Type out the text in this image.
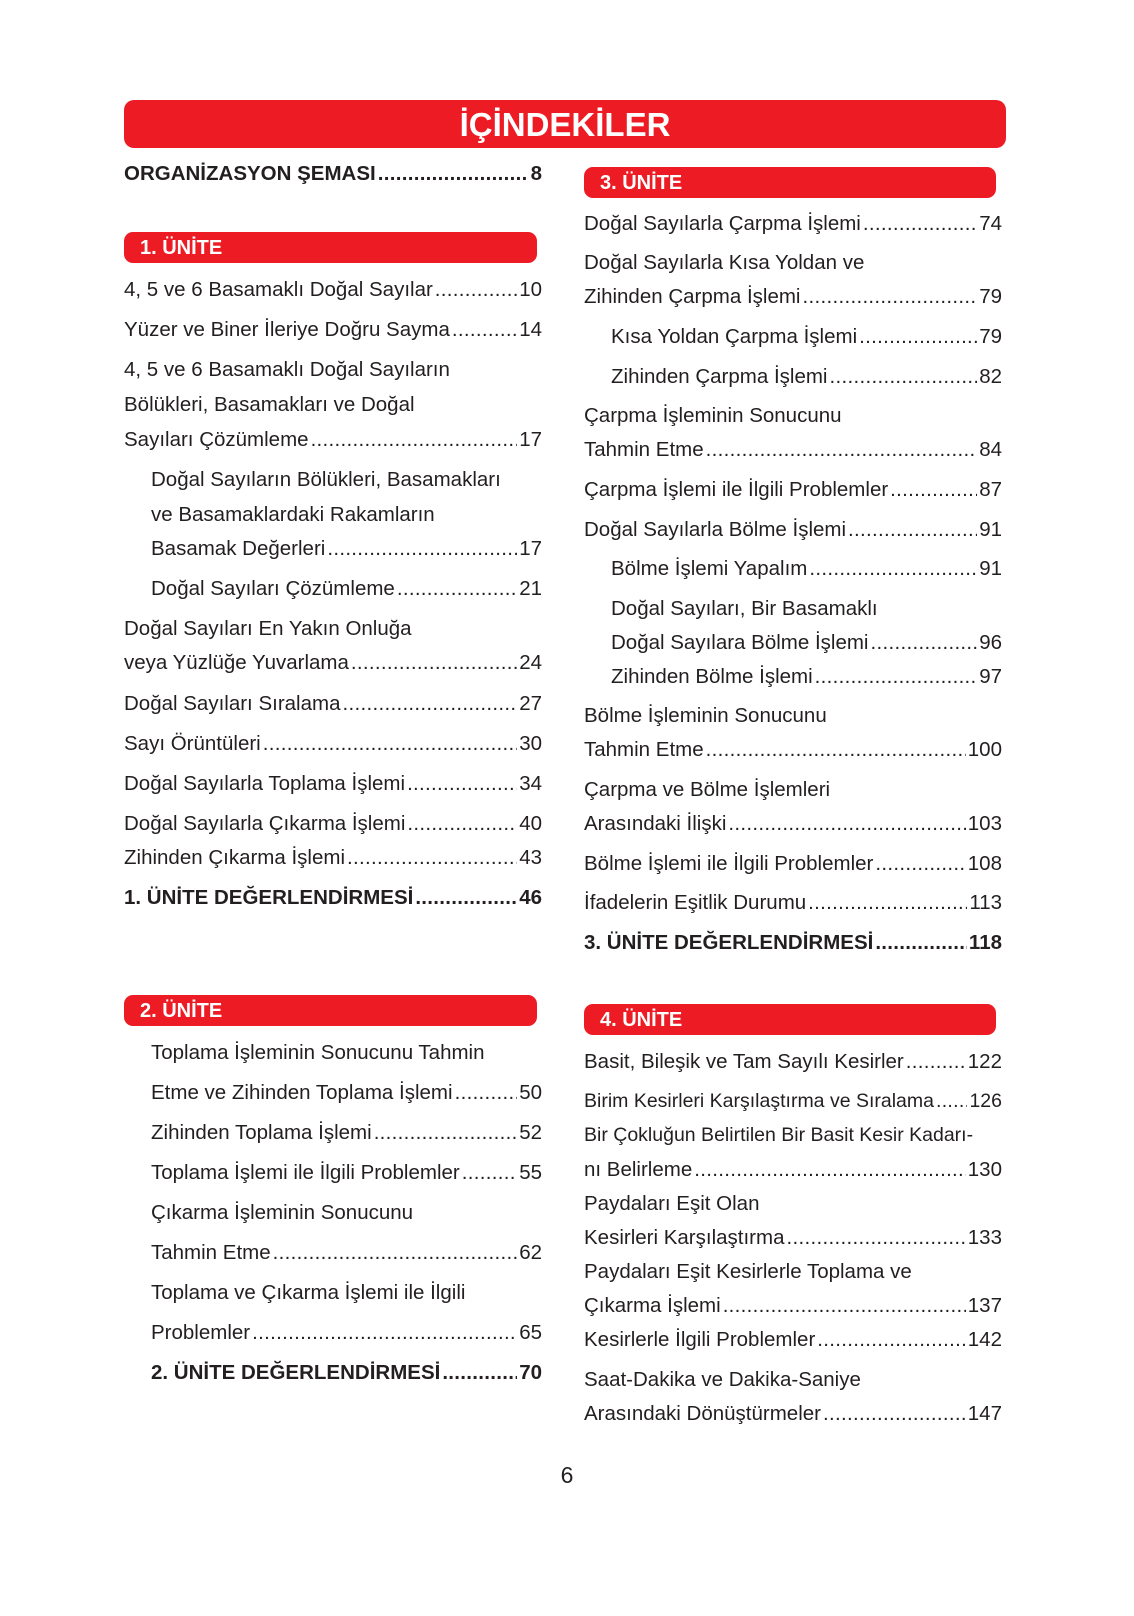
İÇİNDEKİLER
ORGANİZASYON ŞEMASI .....	8
1. ÜNİTE
4, 5 ve 6 Basamaklı Doğal Sayılar .....	10
Yüzer ve Biner İleriye Doğru Sayma .....	14
4, 5 ve 6 Basamaklı Doğal Sayıların
Bölükleri, Basamakları ve Doğal
Sayıları Çözümleme .....	17
Doğal Sayıların Bölükleri, Basamakları
ve Basamaklardaki Rakamların
Basamak Değerleri .....	17
Doğal Sayıları Çözümleme .....	21
Doğal Sayıları En Yakın Onluğa
veya Yüzlüğe Yuvarlama .....	24
Doğal Sayıları Sıralama .....	27
Sayı Örüntüleri .....	30
Doğal Sayılarla Toplama İşlemi .....	34
Doğal Sayılarla Çıkarma İşlemi .....	40
Zihinden Çıkarma İşlemi .....	43
1. ÜNİTE DEĞERLENDİRMESİ .....	46
2. ÜNİTE
Toplama İşleminin Sonucunu Tahmin
Etme ve Zihinden Toplama İşlemi .....	50
Zihinden Toplama İşlemi .....	52
Toplama İşlemi ile İlgili Problemler .....	55
Çıkarma İşleminin Sonucunu
Tahmin Etme .....	62
Toplama ve Çıkarma İşlemi ile İlgili
Problemler .....	65
2. ÜNİTE DEĞERLENDİRMESİ .....	70
3. ÜNİTE
Doğal Sayılarla Çarpma İşlemi .....	74
Doğal Sayılarla Kısa Yoldan ve
Zihinden Çarpma İşlemi .....	79
Kısa Yoldan Çarpma İşlemi .....	79
Zihinden Çarpma İşlemi .....	82
Çarpma İşleminin Sonucunu
Tahmin Etme .....	84
Çarpma İşlemi ile İlgili Problemler .....	87
Doğal Sayılarla Bölme İşlemi .....	91
Bölme İşlemi Yapalım .....	91
Doğal Sayıları, Bir Basamaklı
Doğal Sayılara Bölme İşlemi .....	96
Zihinden Bölme İşlemi .....	97
Bölme İşleminin Sonucunu
Tahmin Etme .....	100
Çarpma ve Bölme İşlemleri
Arasındaki İlişki .....	103
Bölme İşlemi ile İlgili Problemler .....	108
İfadelerin Eşitlik Durumu .....	113
3. ÜNİTE DEĞERLENDİRMESİ .....	118
4. ÜNİTE
Basit, Bileşik ve Tam Sayılı Kesirler .....	122
Birim Kesirleri Karşılaştırma ve Sıralama ..... 126
Bir Çokluğun Belirtilen Bir Basit Kesir Kadarı-
nı Belirleme .....	130
Paydaları Eşit Olan
Kesirleri Karşılaştırma .....	133
Paydaları Eşit Kesirlerle Toplama ve
Çıkarma İşlemi .....	137
Kesirlerle İlgili Problemler .....	142
Saat-Dakika ve Dakika-Saniye
Arasındaki Dönüştürmeler .....	147
6
